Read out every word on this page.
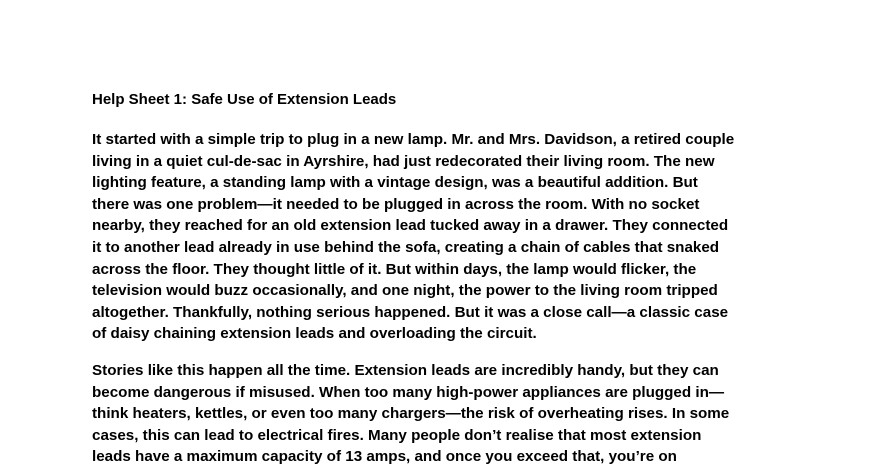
Help Sheet 1: Safe Use of Extension Leads

It started with a simple trip to plug in a new lamp. Mr. and Mrs. Davidson, a retired couple
living in a quiet cul-de-sac in Ayrshire, had just redecorated their living room. The new
lighting feature, a standing lamp with a vintage design, was a beautiful addition. But
there was one problem—it needed to be plugged in across the room. With no socket
nearby, they reached for an old extension lead tucked away in a drawer. They connected
it to another lead already in use behind the sofa, creating a chain of cables that snaked
across the floor. They thought little of it. But within days, the lamp would flicker, the
television would buzz occasionally, and one night, the power to the living room tripped
altogether. Thankfully, nothing serious happened. But it was a close call—a classic case
of daisy chaining extension leads and overloading the circuit.

Stories like this happen all the time. Extension leads are incredibly handy, but they can
become dangerous if misused. When too many high-power appliances are plugged in—
think heaters, kettles, or even too many chargers—the risk of overheating rises. In some
cases, this can lead to electrical fires. Many people don’t realise that most extension
leads have a maximum capacity of 13 amps, and once you exceed that, you’re on
